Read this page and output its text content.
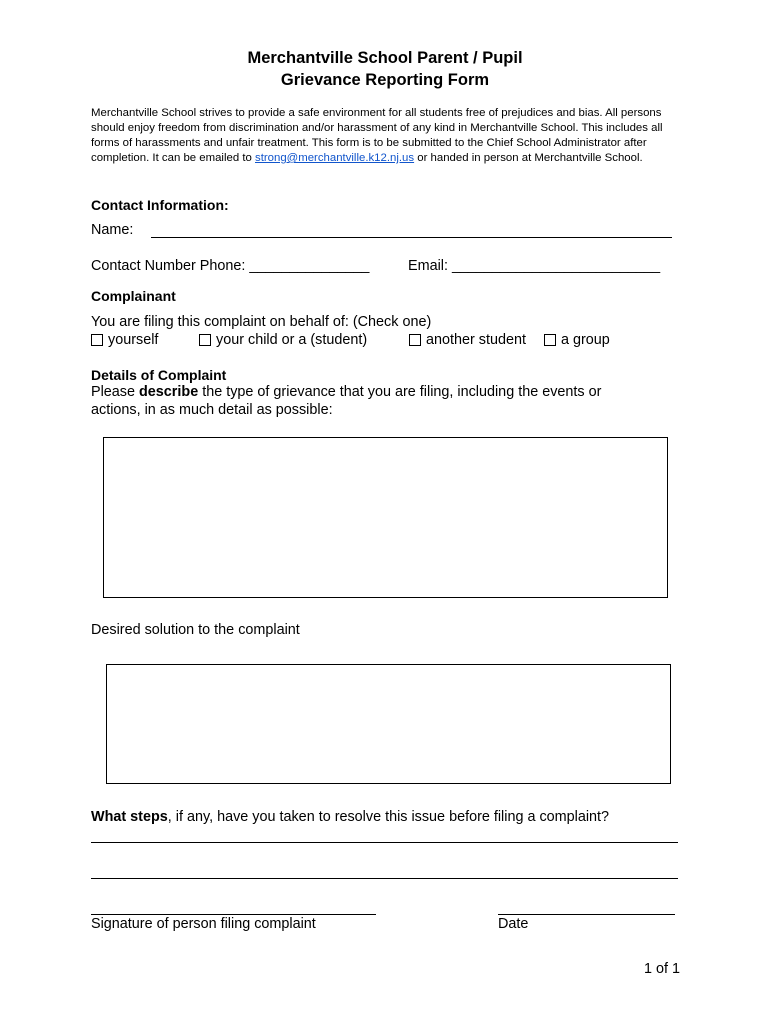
Merchantville School Parent / Pupil
Grievance Reporting Form

Merchantville School strives to provide a safe environment for all students free of prejudices and bias. All persons should enjoy freedom from discrimination and/or harassment of any kind in Merchantville School. This includes all forms of harassments and unfair treatment. This form is to be submitted to the Chief School Administrator after completion. It can be emailed to strong@merchantville.k12.nj.us or handed in person at Merchantville School.

Contact Information:
Name:
Contact Number Phone: _______________	Email: __________________________
Complainant
You are filing this complaint on behalf of: (Check one)
yourself	your child or a (student)	another student a group
Details of Complaint
Please describe the type of grievance that you are filing, including the events or
actions, in as much detail as possible:
Desired solution to the complaint
What steps, if any, have you taken to resolve this issue before filing a complaint?
Signature of person filing complaint	Date
1 of 1
